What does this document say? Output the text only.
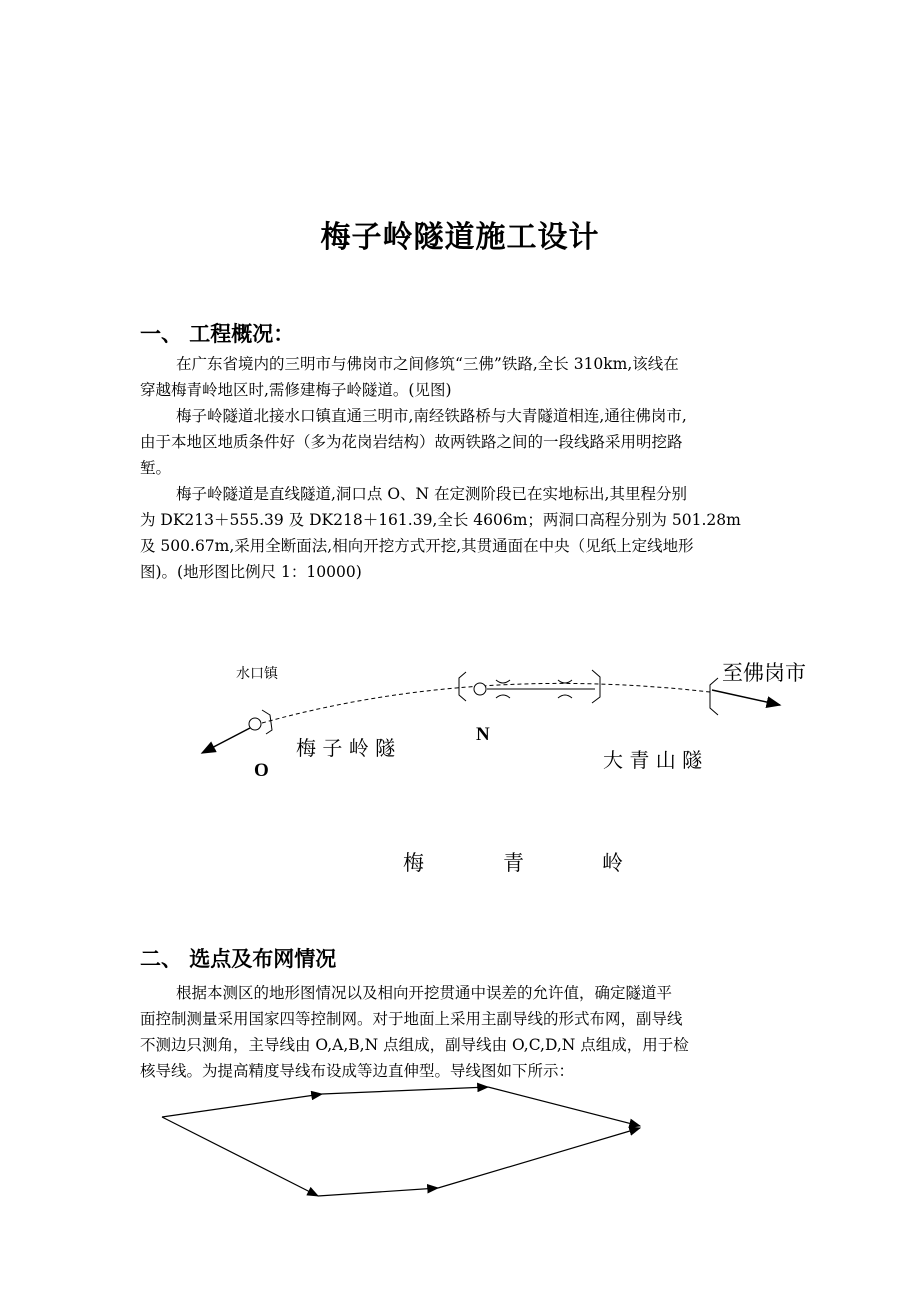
梅子岭隧道施工设计
一、 工程概况：

在广东省境内的三明市与佛岗市之间修筑“三佛”铁路,全长 310km,该线在
穿越梅青岭地区时,需修建梅子岭隧道。(见图)

梅子岭隧道北接水口镇直通三明市,南经铁路桥与大青隧道相连,通往佛岗市,
由于本地区地质条件好（多为花岗岩结构）故两铁路之间的一段线路采用明挖路
堑。

梅子岭隧道是直线隧道,洞口点 O、N 在定测阶段已在实地标出,其里程分别
为 DK213＋555.39 及 DK218＋161.39,全长 4606m；两洞口高程分别为 501.28m
及 500.67m,采用全断面法,相向开挖方式开挖,其贯通面在中央（见纸上定线地形
图)。(地形图比例尺 1：10000)

水口镇	至佛岗市
N
O
梅 子 岭 隧	大 青 山 隧
梅	青	岭
二、 选点及布网情况

根据本测区的地形图情况以及相向开挖贯通中误差的允许值，确定隧道平
面控制测量采用国家四等控制网。对于地面上采用主副导线的形式布网，副导线
不测边只测角，主导线由 O,A,B,N 点组成，副导线由 O,C,D,N 点组成，用于检
核导线。为提高精度导线布设成等边直伸型。导线图如下所示：
